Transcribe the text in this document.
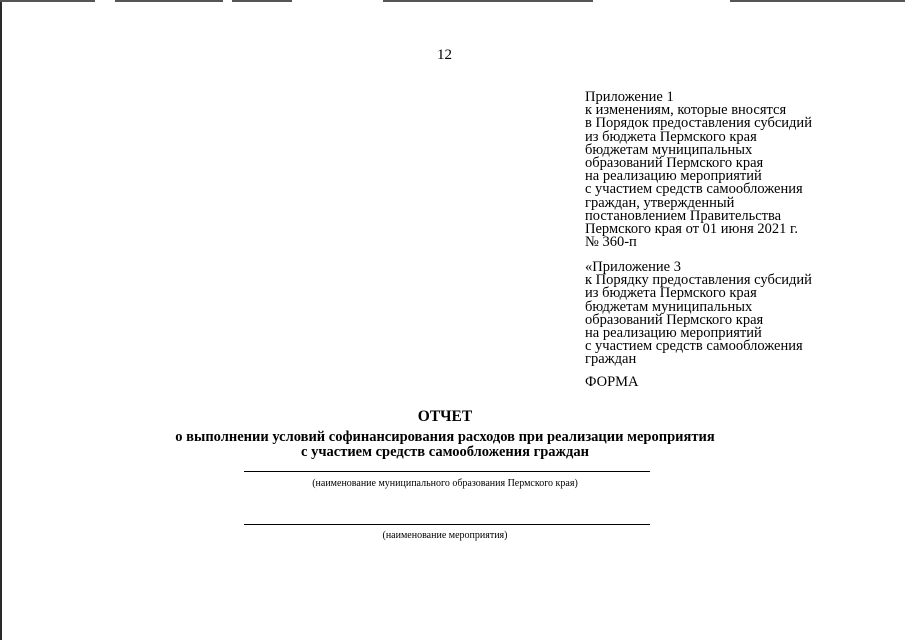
12
Приложение 1
к изменениям, которые вносятся
в Порядок предоставления субсидий
из бюджета Пермского края
бюджетам муниципальных
образований Пермского края
на реализацию мероприятий
с участием средств самообложения
граждан, утвержденный
постановлением Правительства
Пермского края от 01 июня 2021 г.
№ 360-п
«Приложение 3
к Порядку предоставления субсидий
из бюджета Пермского края
бюджетам муниципальных
образований Пермского края
на реализацию мероприятий
с участием средств самообложения
граждан
ФОРМА
ОТЧЕТ
о выполнении условий софинансирования расходов при реализации мероприятия
с участием средств самообложения граждан
(наименование муниципального образования Пермского края)
(наименование мероприятия)
